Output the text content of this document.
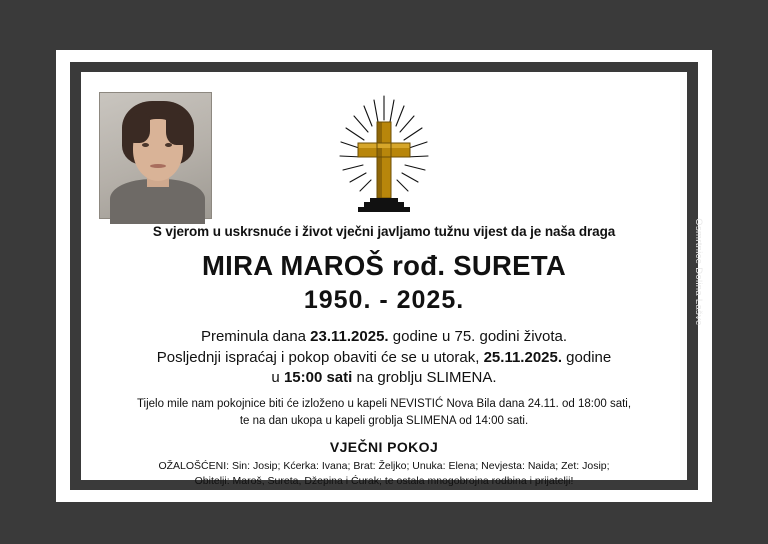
S vjerom u uskrsnuće i život vječni javljamo tužnu vijest da je naša draga
MIRA MAROŠ rođ. SURETA
1950. - 2025.
Preminula dana 23.11.2025. godine u 75. godini života.
Posljednji ispraćaj i pokop obaviti će se u utorak, 25.11.2025. godine
u 15:00 sati na groblju SLIMENA.
Tijelo mile nam pokojnice biti će izloženo u kapeli NEVISTIĆ Nova Bila dana 24.11. od 18:00 sati,
te na dan ukopa u kapeli groblja SLIMENA od 14:00 sati.
VJEČNI POKOJ
OŽALOŠĆENI: Sin: Josip; Kćerka: Ivana; Brat: Željko; Unuka: Elena; Nevjesta: Naida; Zet: Josip;
Obitelji: Maroš, Sureta, Džepina i Ćurak; te ostala mnogobrojna rodbina i prijatelji!
Osmrtnice Dolina Lašve
